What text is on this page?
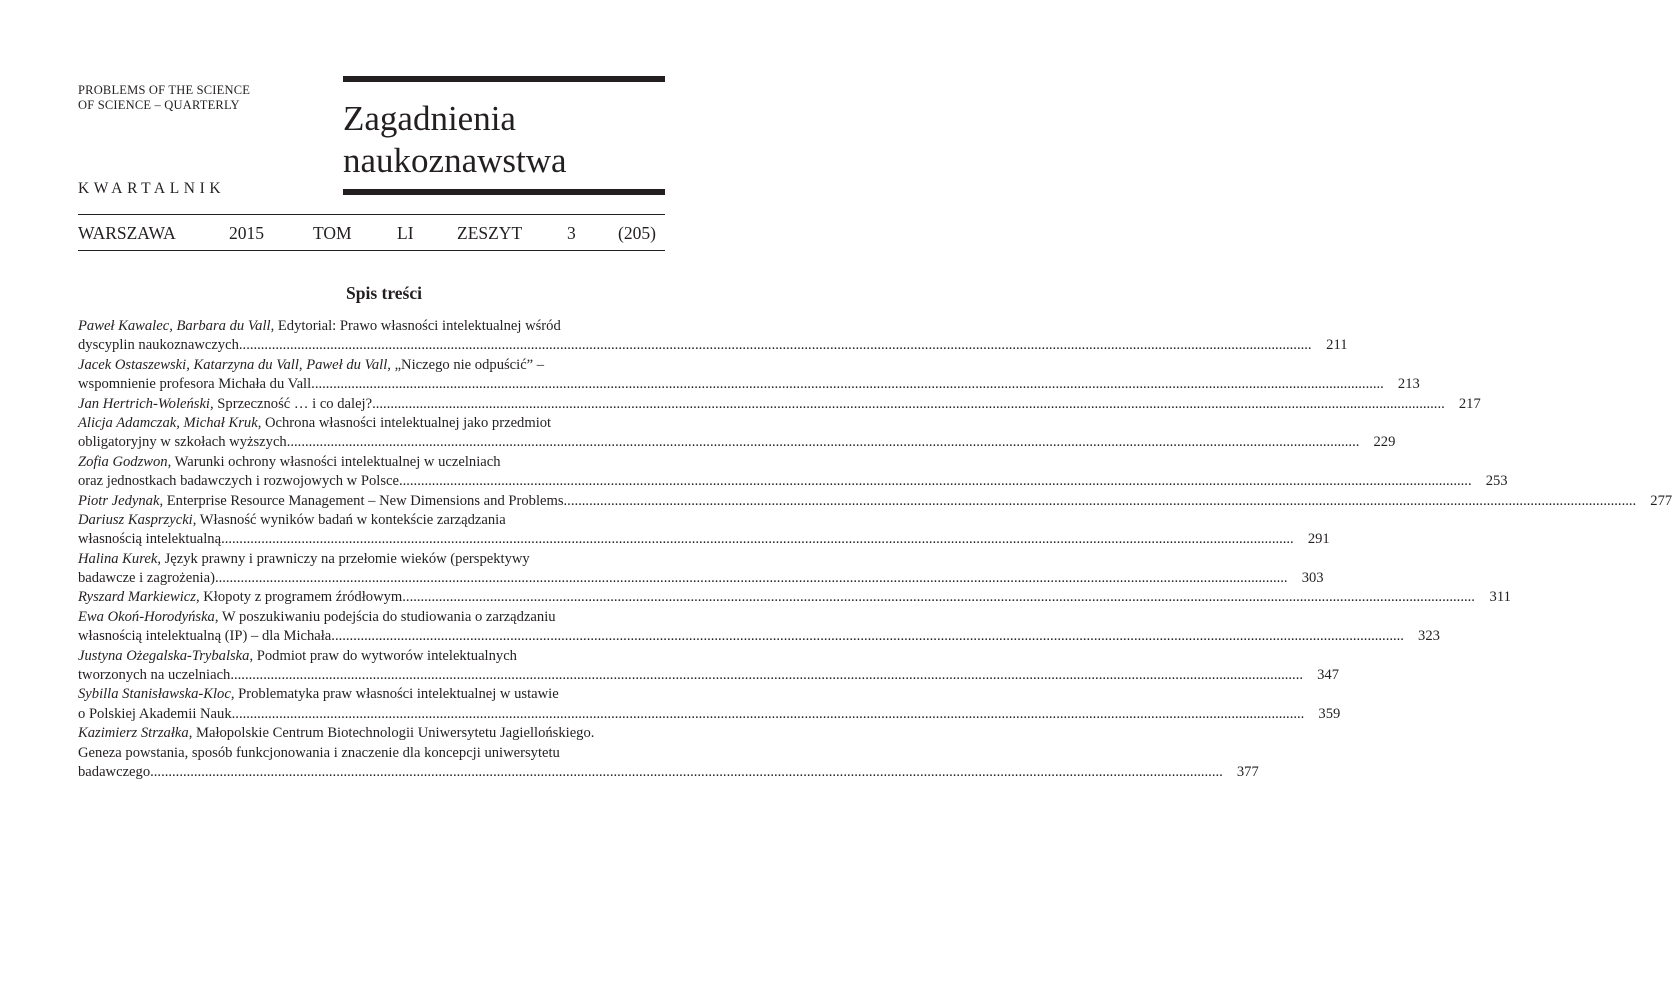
PROBLEMS OF THE SCIENCE
OF SCIENCE – QUARTERLY	Zagadnienia
naukoznawstwa
KWARTALNIK
WARSZAWA	2015	TOM	LI ZESZYT	3 (205)
Spis treści
Paweł Kawalec, Barbara du Vall, Edytorial: Prawo własności intelektualnej wśród
dyscyplin naukoznawczych .....	211
Jacek Ostaszewski, Katarzyna du Vall, Paweł du Vall, „Niczego nie odpuścić” –
wspomnienie profesora Michała du Vall .....	213
Jan Hertrich-Woleński, Sprzeczność … i co dalej? .....	217
Alicja Adamczak, Michał Kruk, Ochrona własności intelektualnej jako przedmiot
obligatoryjny w szkołach wyższych .....	229
Zofia Godzwon, Warunki ochrony własności intelektualnej w uczelniach
oraz jednostkach badawczych i rozwojowych w Polsce .....	253
Piotr Jedynak, Enterprise Resource Management – New Dimensions and Problems .....	277
Dariusz Kasprzycki, Własność wyników badań w kontekście zarządzania
własnością intelektualną .....	291
Halina Kurek, Język prawny i prawniczy na przełomie wieków (perspektywy
badawcze i zagrożenia) .....	303
Ryszard Markiewicz, Kłopoty z programem źródłowym .....	311
Ewa Okoń-Horodyńska, W poszukiwaniu podejścia do studiowania o zarządzaniu
własnością intelektualną (IP) – dla Michała .....	323
Justyna Ożegalska-Trybalska, Podmiot praw do wytworów intelektualnych
tworzonych na uczelniach .....	347
Sybilla Stanisławska-Kloc, Problematyka praw własności intelektualnej w ustawie
o Polskiej Akademii Nauk .....	359
Kazimierz Strzałka, Małopolskie Centrum Biotechnologii Uniwersytetu Jagiellońskiego.
Geneza powstania, sposób funkcjonowania i znaczenie dla koncepcji uniwersytetu
badawczego .....	377
